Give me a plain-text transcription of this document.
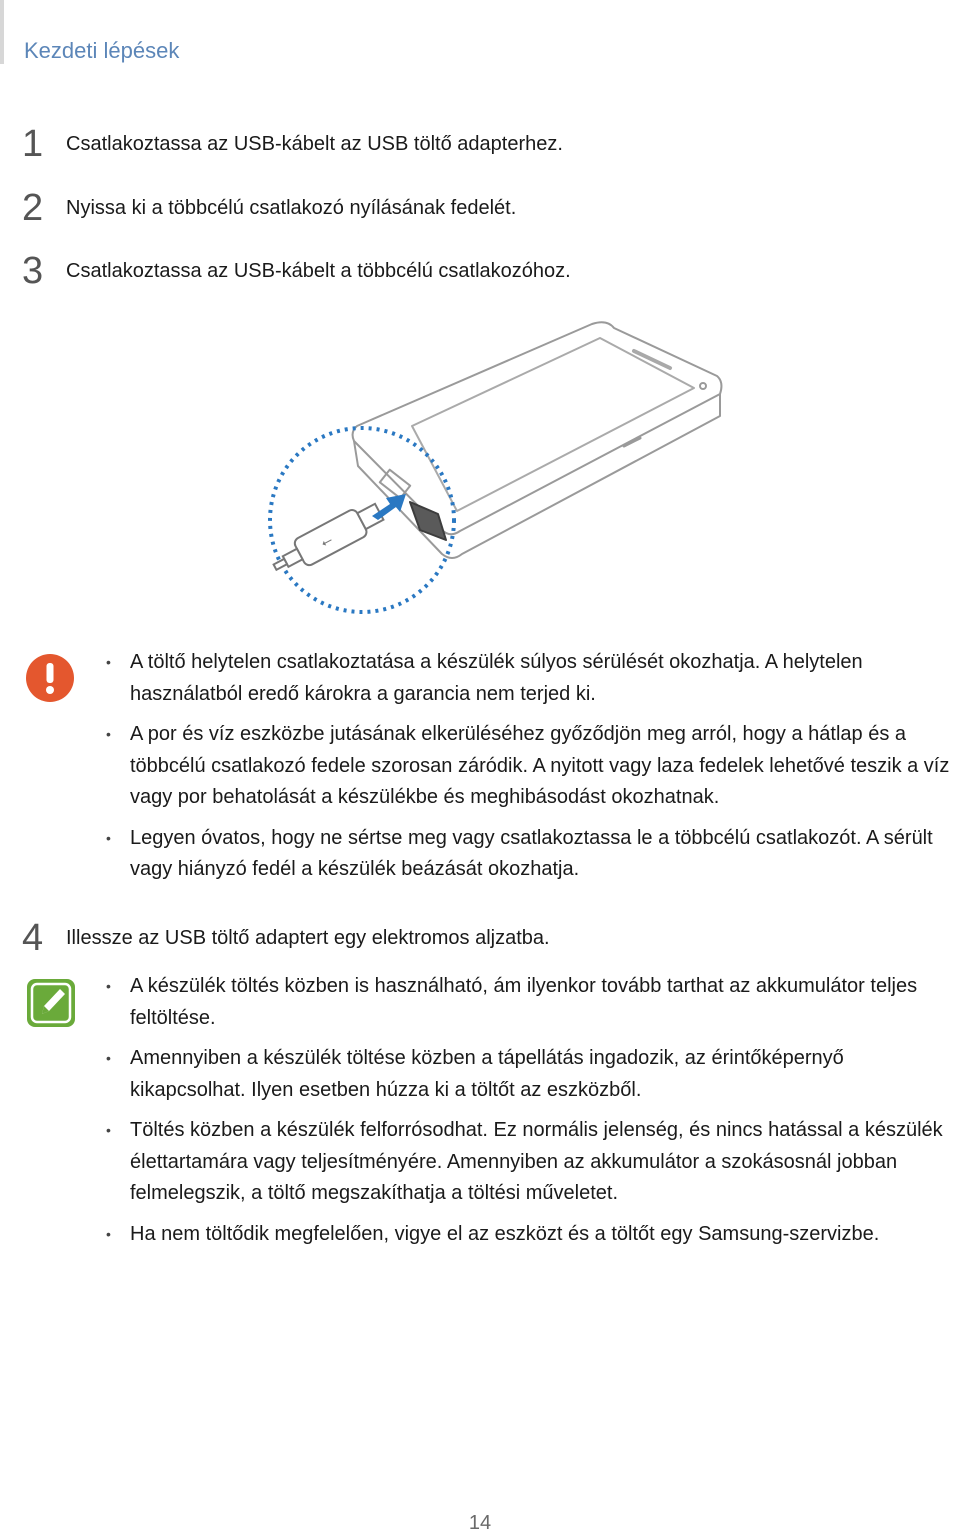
Kezdeti lépések
1 Csatlakoztassa az USB-kábelt az USB töltő adapterhez.
2 Nyissa ki a többcélú csatlakozó nyílásának fedelét.
3 Csatlakoztassa az USB-kábelt a többcélú csatlakozóhoz.
⭠
• A töltő helytelen csatlakoztatása a készülék súlyos sérülését okozhatja. A helytelen használatból eredő károkra a garancia nem terjed ki.
• A por és víz eszközbe jutásának elkerüléséhez győződjön meg arról, hogy a hátlap és a többcélú csatlakozó fedele szorosan záródik. A nyitott vagy laza fedelek lehetővé teszik a víz vagy por behatolását a készülékbe és meghibásodást okozhatnak.
• Legyen óvatos, hogy ne sértse meg vagy csatlakoztassa le a többcélú csatlakozót. A sérült vagy hiányzó fedél a készülék beázását okozhatja.
4 Illessze az USB töltő adaptert egy elektromos aljzatba.
• A készülék töltés közben is használható, ám ilyenkor tovább tarthat az akkumulátor teljes feltöltése.
• Amennyiben a készülék töltése közben a tápellátás ingadozik, az érintőképernyő kikapcsolhat. Ilyen esetben húzza ki a töltőt az eszközből.
• Töltés közben a készülék felforrósodhat. Ez normális jelenség, és nincs hatással a készülék élettartamára vagy teljesítményére. Amennyiben az akkumulátor a szokásosnál jobban felmelegszik, a töltő megszakíthatja a töltési műveletet.
• Ha nem töltődik megfelelően, vigye el az eszközt és a töltőt egy Samsung-szervizbe.
14
